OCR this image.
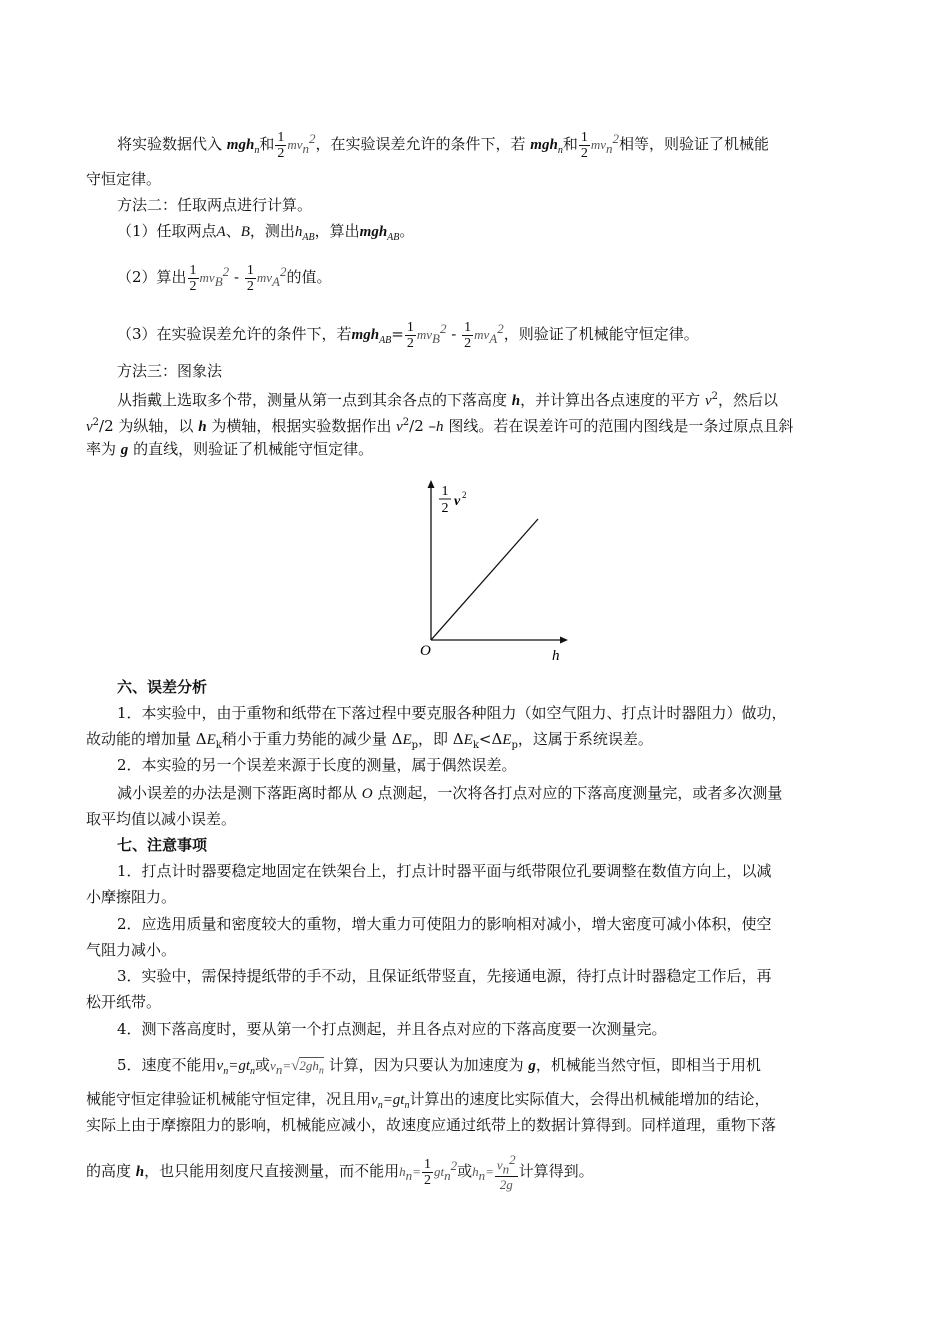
将实验数据代入 mgh$_n$和 $\frac{1}{2} mv_n^2$，在实验误差允许的条件下，若 mgh$_n$和 $\frac{1}{2} mv_n^2$相等，则验证了机械能
守恒定律。
方法二：任取两点进行计算。
（1）任取两点A、B，测出$h_{AB}$，算出mgh$_{AB}$。
（2）算出 $\frac{1}{2} mv_B^2 - \frac{1}{2} mv_A^2$的值。
（3）在实验误差允许的条件下，若$mgh_{AB}= \frac{1}{2} mv_B^2 - \frac{1}{2} mv_A^2$，则验证了机械能守恒定律。
方法三：图象法
从指戴上选取多个带，测量从第一点到其余各点的下落高度 h，并计算出各点速度的平方 $v^2$，然后以
$v^2/2$ 为纵轴，以 h 为横轴，根据实验数据作出 $v^2/2$ –h 图线。若在误差许可的范围内图线是一条过原点且斜
率为 g 的直线，则验证了机械能守恒定律。
1
2 v 2
O	h
六、误差分析
1．本实验中，由于重物和纸带在下落过程中要克服各种阻力（如空气阻力、打点计时器阻力）做功，
故动能的增加量 $\Delta E_k$稍小于重力势能的减少量 $\Delta E_p$，即 $\Delta E_k<\Delta E_p$，这属于系统误差。
2．本实验的另一个误差来源于长度的测量，属于偶然误差。
减小误差的办法是测下落距离时都从 O 点测起，一次将各打点对应的下落高度测量完，或者多次测量
取平均值以减小误差。
七、注意事项
1．打点计时器要稳定地固定在铁架台上，打点计时器平面与纸带限位孔要调整在数值方向上，以减
小摩擦阻力。
2．应选用质量和密度较大的重物，增大重力可使阻力的影响相对减小，增大密度可减小体积，使空
气阻力减小。
3．实验中，需保持提纸带的手不动，且保证纸带竖直，先接通电源，待打点计时器稳定工作后，再
松开纸带。
4．测下落高度时，要从第一个打点测起，并且各点对应的下落高度要一次测量完。
5．速度不能用$v_n=gt_n$或$v_n=√2gh_n$ 计算，因为只要认为加速度为 g，机械能当然守恒，即相当于用机
械能守恒定律验证机械能守恒定律，况且用$v_n=gt_n$计算出的速度比实际值大，会得出机械能增加的结论，
实际上由于摩擦阻力的影响，机械能应减小，故速度应通过纸带上的数据计算得到。同样道理，重物下落
的高度 h，也只能用刻度尺直接测量，而不能用$h_n= \frac{1}{2} gt_n^2$或$h_n= \frac{v_n^2}{2g}$ 计算得到。
